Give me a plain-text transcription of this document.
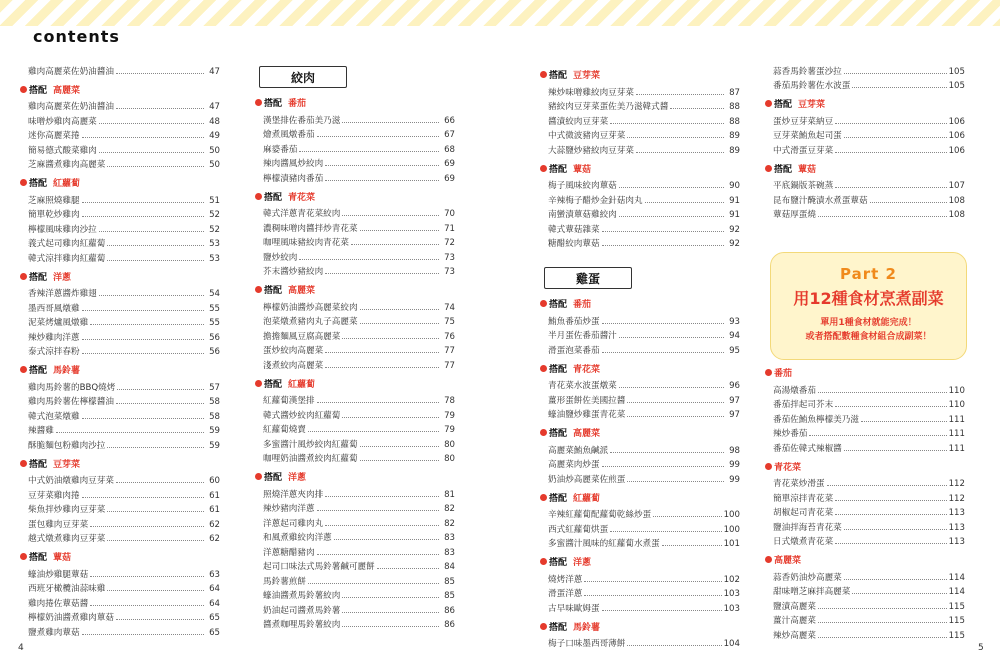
contents
雞肉高麗菜佐奶油醬油	47
搭配 高麗菜
雞肉高麗菜佐奶油醬油	47
味噌炒雞肉高麗菜	48
迷你高麗菜捲	49
簡易德式酸菜雞肉	50
芝麻醬煮雞肉高麗菜	50
搭配 紅蘿蔔
芝麻照燒雞腿	51
簡單乾炒雞肉	52
檸檬風味雞肉沙拉	52
義式起司雞肉紅蘿蔔	53
韓式涼拌雞肉紅蘿蔔	53
搭配 洋蔥
香辣洋蔥醬炸雞翅	54
墨西哥風燉雞	55
泥菜烤爐風燉雞	55
辣炒雞肉洋蔥	56
泰式涼拌春粉	56
搭配 馬鈴薯
雞肉馬鈴薯的BBQ燒烤	57
雞肉馬鈴薯佐檸檬醬油	58
韓式泡菜燉雞	58
辣醬雞	59
酥脆麵包粉雞肉沙拉	59
搭配 豆芽菜
中式奶油燉雞肉豆芽菜	60
豆芽菜雞肉捲	61
柴魚拌炒雞肉豆芽菜	61
蛋包雞肉豆芽菜	62
越式燉煮雞肉豆芽菜	62
搭配 蕈菇
蠔油炒雞腿蕈菇	63
西班牙橄欖油蒜味雞	64
雞肉捲佐蕈菇醬	64
檸檬奶油醬煮雞肉蕈菇	65
鹽煮雞肉蕈菇	65
絞肉
搭配 番茄
漢堡排佐番茄美乃滋	66
燴煮風燉番茄	67
麻婆番茄	68
辣肉醬風炒絞肉	69
檸檬漬豬肉番茄	69
搭配 青花菜
韓式洋蔥青花菜絞肉	70
濃稠味噌肉醬拌炒青花菜	71
咖哩風味豬絞肉青花菜	72
鹽炒絞肉	73
芥末醬炒豬絞肉	73
搭配 高麗菜
檸檬奶油醬炒高麗菜絞肉	74
泡菜燉煮豬肉丸子高麗菜	75
擔擔麵風豆腐高麗菜	76
蛋炒絞肉高麗菜	77
淺煮絞肉高麗菜	77
搭配 紅蘿蔔
紅蘿蔔漢堡排	78
韓式醬炒絞肉紅蘿蔔	79
紅蘿蔔燒賣	79
多蜜醬汁風炒絞肉紅蘿蔔	80
咖哩奶油醬煮絞肉紅蘿蔔	80
搭配 洋蔥
照燒洋蔥夾肉排	81
辣炒豬肉洋蔥	82
洋蔥起司雞肉丸	82
和風煮雞絞肉洋蔥	83
洋蔥糖醋豬肉	83
起司口味法式馬鈴薯鹹可麗餅	84
馬鈴薯煎餅	85
蠔油醬煮馬鈴薯絞肉	85
奶油起司醬煮馬鈴薯	86
醬煮咖哩馬鈴薯絞肉	86
搭配 豆芽菜
辣炒味噌雞絞肉豆芽菜	87
豬絞肉豆芽菜蛋佐美乃滋韓式醬	88
醬漬絞肉豆芽菜	88
中式微波豬肉豆芽菜	89
大蒜鹽炒豬絞肉豆芽菜	89
搭配 蕈菇
梅子風味絞肉蕈菇	90
辛辣梅子醋炒金針菇肉丸	91
南蠻漬蕈菇雞絞肉	91
韓式蕈菇雜菜	92
糖醋絞肉蕈菇	92
雞蛋
搭配 番茄
鮪魚番茄炒蛋	93
半月蛋佐番茄醬汁	94
滑蛋泡菜番茄	95
搭配 青花菜
青花菜水波蛋燉菜	96
薑形蛋餅佐美國拉醬	97
蠔油鹽炒雞蛋青花菜	97
搭配 高麗菜
高麗菜鮪魚鹹派	98
高麗菜肉炒蛋	99
奶油炒高麗菜佐煎蛋	99
搭配 紅蘿蔔
辛辣紅蘿蔔配蘿蔔乾絲炒蛋	100
西式紅蘿蔔烘蛋	100
多蜜醬汁風味的紅蘿蔔水煮蛋	101
搭配 洋蔥
燒烤洋蔥	102
滑蛋洋蔥	103
古早味歐姆蛋	103
搭配 馬鈴薯
梅子口味墨西哥薄餅	104
蒜香馬鈴薯蛋沙拉	105
番茄馬鈴薯佐水波蛋	105
搭配 豆芽菜
蛋炒豆芽菜納豆	106
豆芽菜鮪魚起司蛋	106
中式滑蛋豆芽菜	106
搭配 蕈菇
平底鍋版茶碗蒸	107
昆布鹽汁醃漬水煮蛋蕈菇	108
蕈菇厚蛋燒	108
番茄
高湯燉番茄	110
番茄拌起司芥末	110
番茄佐鮪魚檸檬美乃滋	111
辣炒番茄	111
番茄佐韓式辣椒醬	111
青花菜
青花菜炒滑蛋	112
簡單涼拌青花菜	112
胡椒起司青花菜	113
鹽油拌海苔青花菜	113
日式燉煮青花菜	113
高麗菜
蒜香奶油炒高麗菜	114
甜味噌芝麻拌高麗菜	114
鹽漬高麗菜	115
薑汁高麗菜	115
辣炒高麗菜	115
Part 2
用12種食材烹煮副菜
單用1種食材就能完成！
或者搭配數種食材組合成副菜！
4	5
